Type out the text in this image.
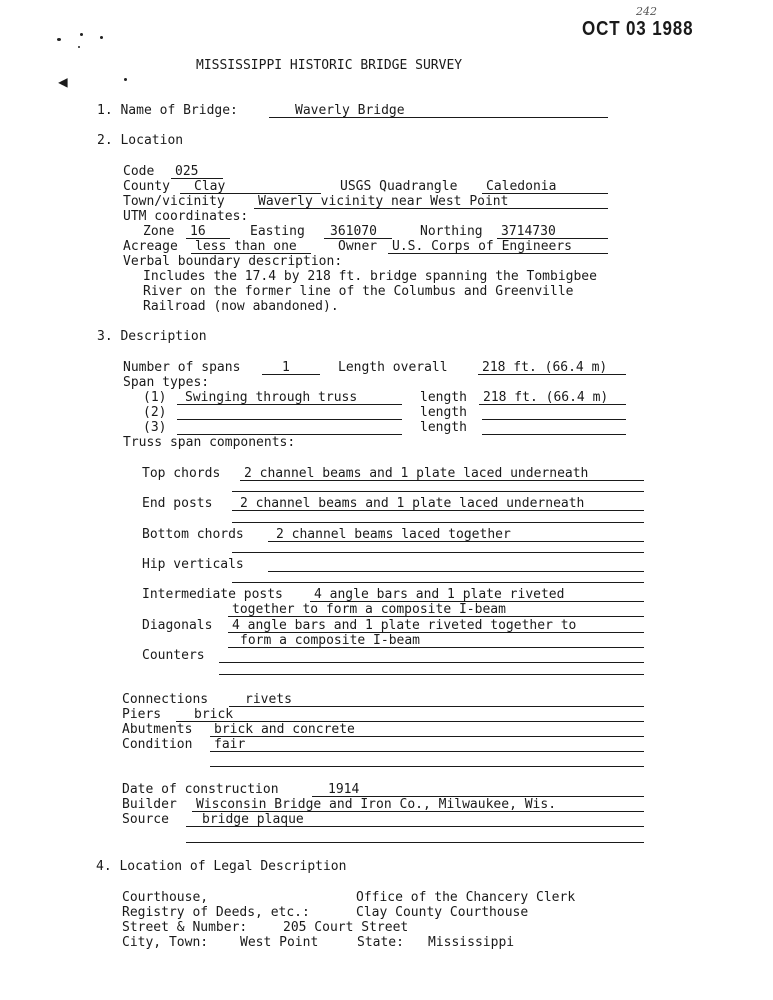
◀
242
OCT 03 1988
MISSISSIPPI HISTORIC BRIDGE SURVEY
1. Name of Bridge:	Waverly Bridge
2. Location
Code	025
County	Clay	USGS Quadrangle	Caledonia
Town/vicinity	Waverly vicinity near West Point
UTM coordinates:
Zone	16	Easting	361070	Northing	3714730
Acreage	less than one	Owner	U.S. Corps of Engineers
Verbal boundary description:
Includes the 17.4 by 218 ft. bridge spanning the Tombigbee
River on the former line of the Columbus and Greenville
Railroad (now abandoned).
3. Description
Number of spans	1	Length overall	218 ft. (66.4 m)
Span types:
(1)	Swinging through truss	length	218 ft. (66.4 m)
(2)	length
(3)	length
Truss span components:
Top chords	2 channel beams and 1 plate laced underneath
End posts	2 channel beams and 1 plate laced underneath
Bottom chords	2 channel beams laced together
Hip verticals
Intermediate posts	4 angle bars and 1 plate riveted
together to form a composite I-beam
Diagonals	4 angle bars and 1 plate riveted together to
form a composite I-beam
Counters
Connections	rivets
Piers	brick
Abutments	brick and concrete
Condition	fair
Date of construction	1914
Builder	Wisconsin Bridge and Iron Co., Milwaukee, Wis.
Source	bridge plaque
4. Location of Legal Description
Courthouse,	Office of the Chancery Clerk
Registry of Deeds, etc.:	Clay County Courthouse
Street & Number:	205 Court Street
City, Town: West Point	State: Mississippi
